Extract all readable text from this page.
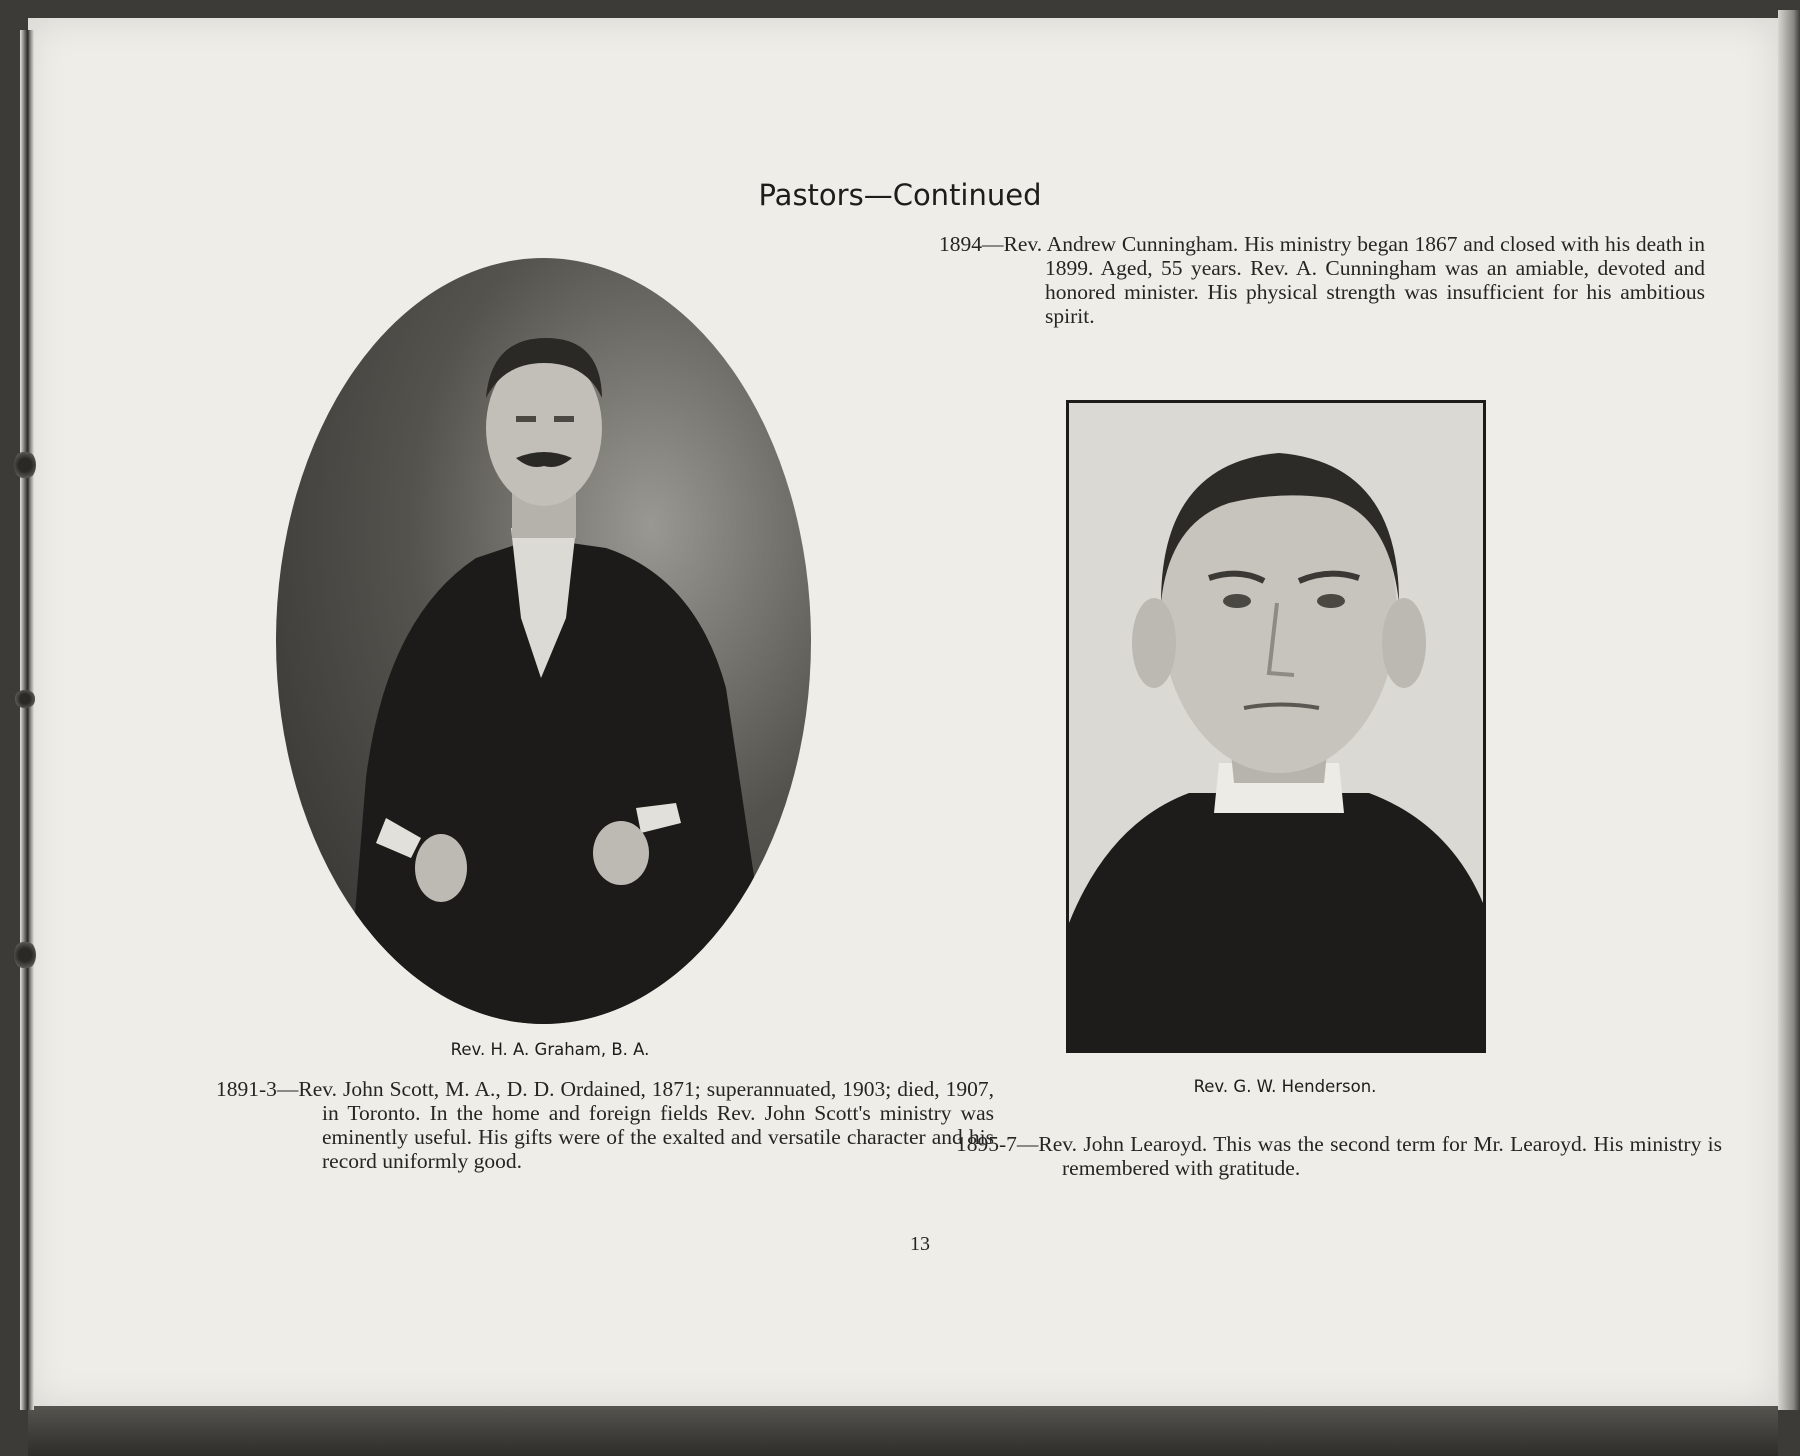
Pastors—Continued

1894—Rev. Andrew Cunningham. His ministry began 1867 and closed with his death in 1899. Aged, 55 years. Rev. A. Cunningham was an amiable, devoted and honored minister. His physical strength was insufficient for his ambitious spirit.

Rev. H. A. Graham, B. A.

1891-3—Rev. John Scott, M. A., D. D. Ordained, 1871; superannuated, 1903; died, 1907, in Toronto. In the home and foreign fields Rev. John Scott's ministry was eminently useful. His gifts were of the exalted and versatile character and his record uniformly good.

Rev. G. W. Henderson.

1895-7—Rev. John Learoyd. This was the second term for Mr. Learoyd. His ministry is remembered with gratitude.

13
